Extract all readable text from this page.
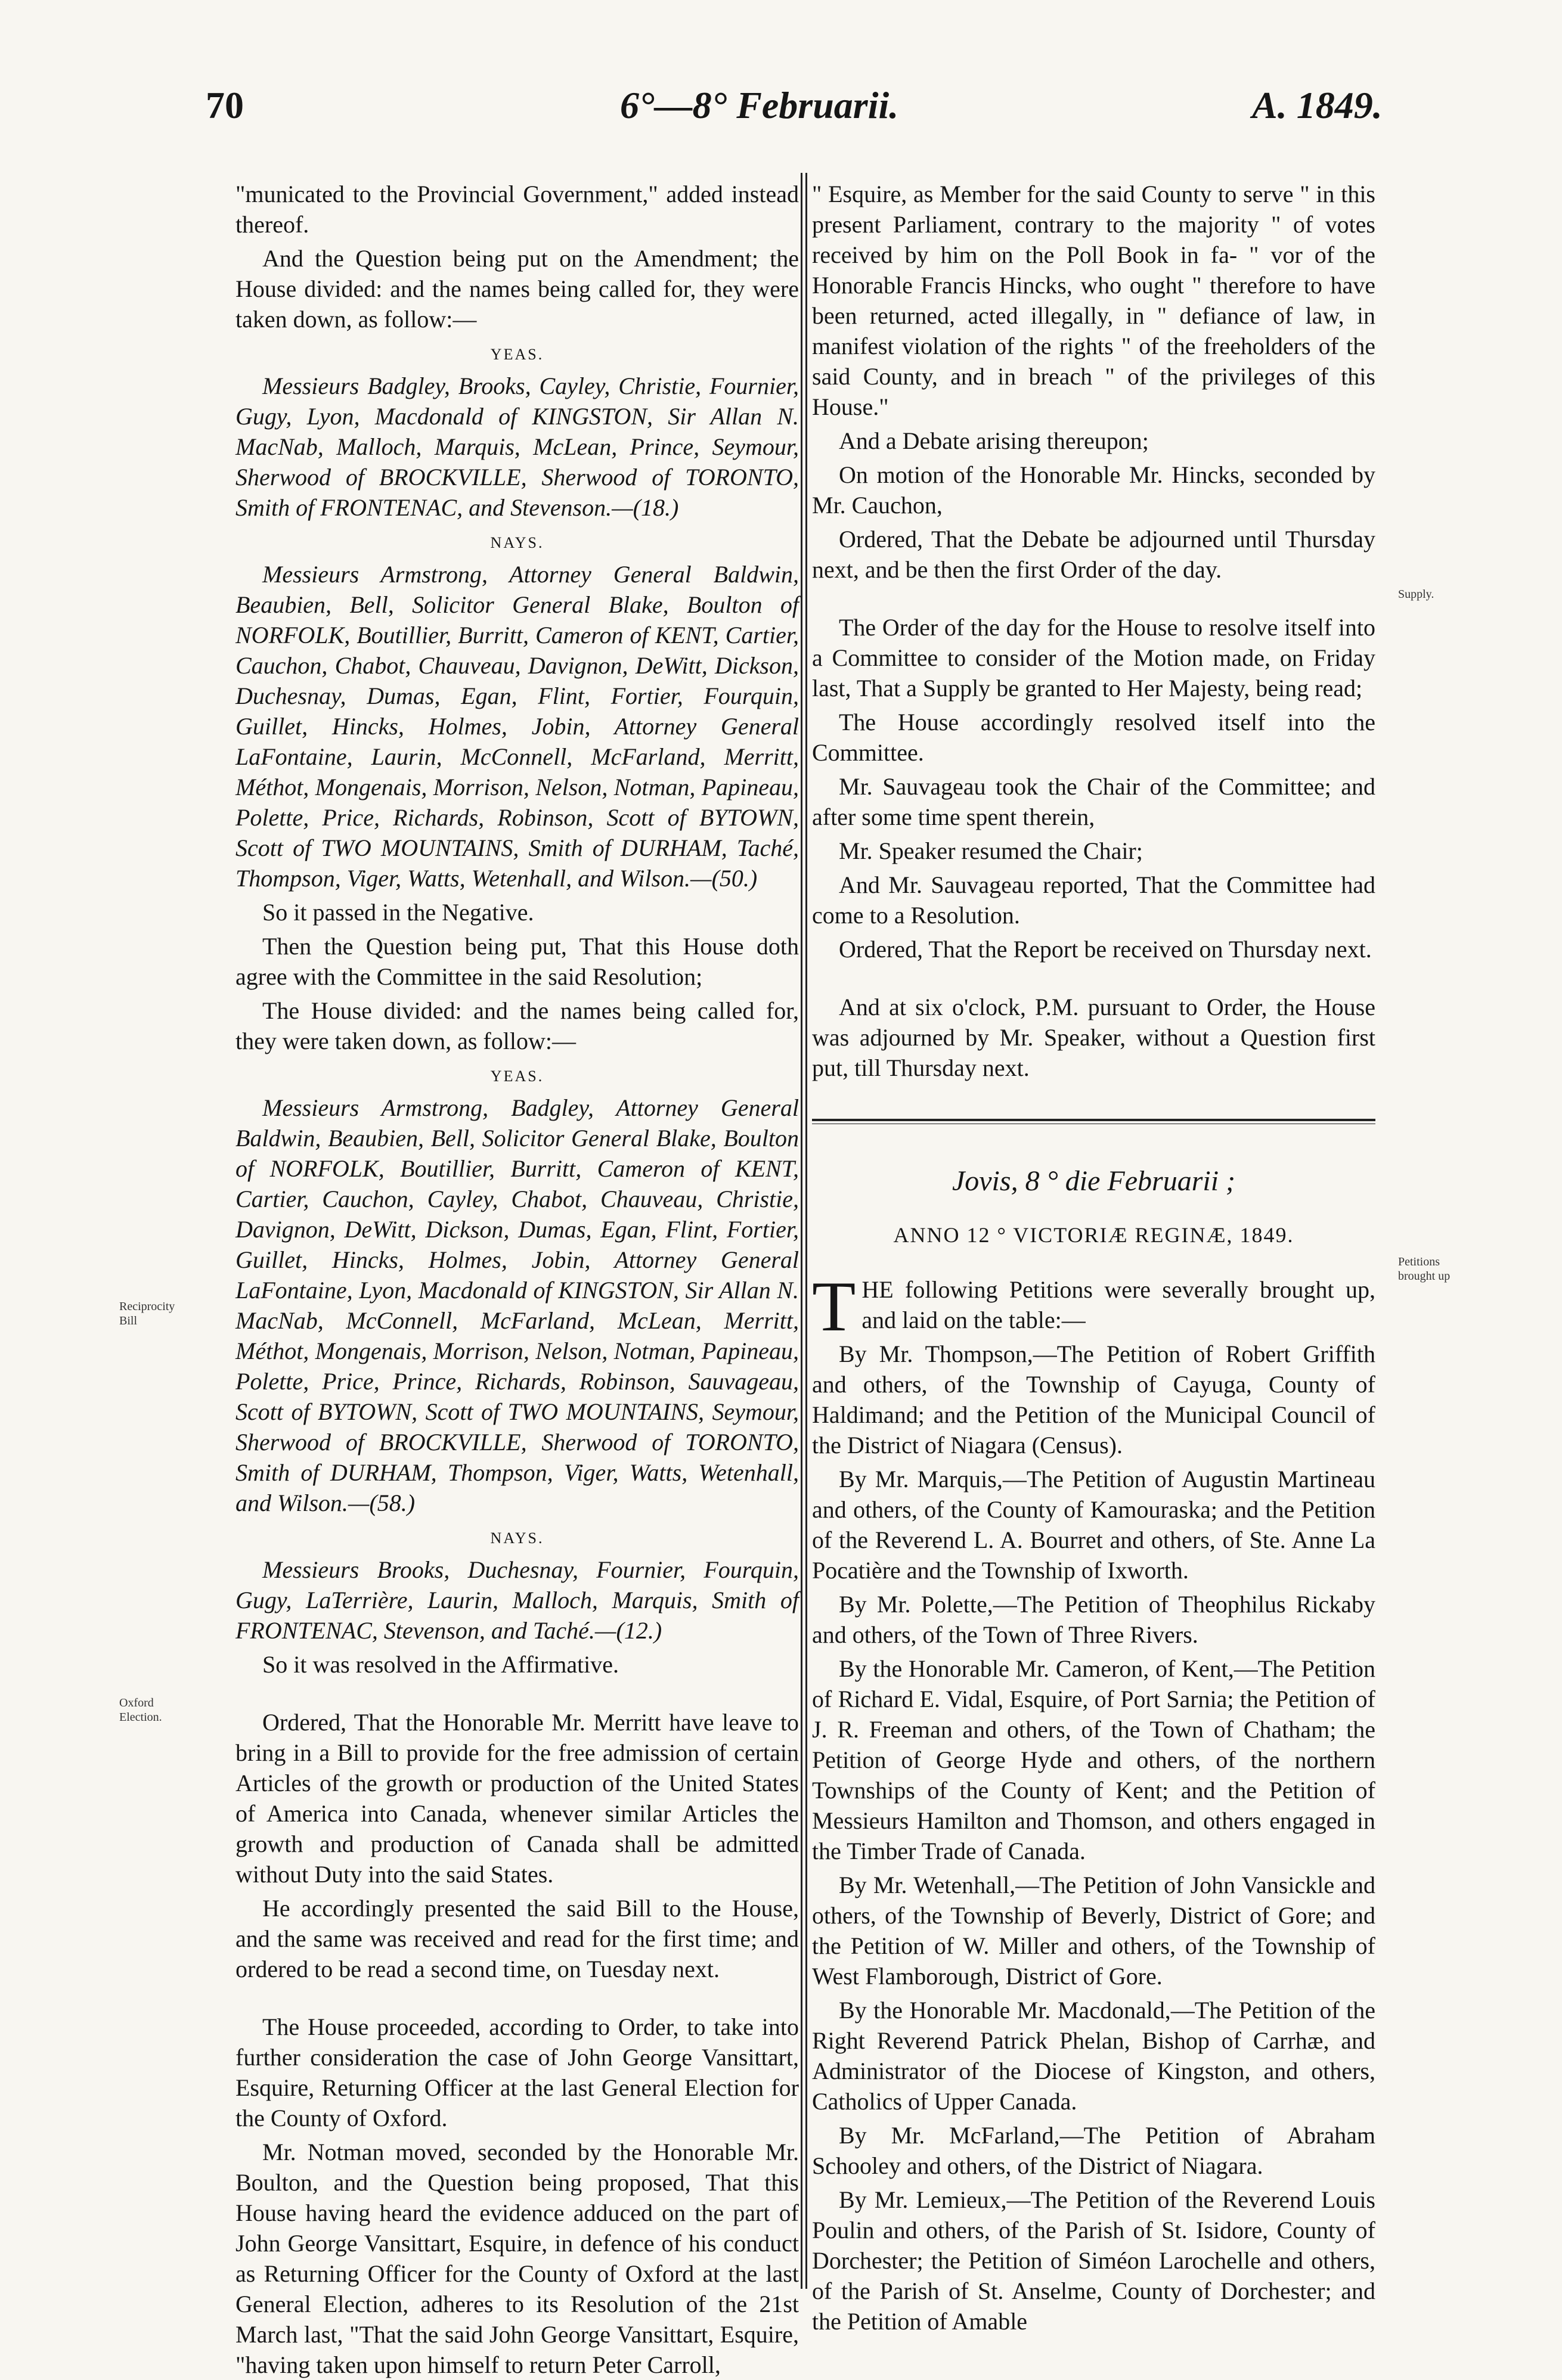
70	6°—8° Februarii.	A. 1849.
Reciprocity Bill
Oxford Election.
Supply.
Petitions brought up

"municated to the Provincial Government," added instead thereof.

And the Question being put on the Amendment; the House divided: and the names being called for, they were taken down, as follow:—

YEAS.

Messieurs Badgley, Brooks, Cayley, Christie, Fournier, Gugy, Lyon, Macdonald of KINGSTON, Sir Allan N. MacNab, Malloch, Marquis, McLean, Prince, Seymour, Sherwood of BROCKVILLE, Sherwood of TORONTO, Smith of FRONTENAC, and Stevenson.—(18.)

NAYS.

Messieurs Armstrong, Attorney General Baldwin, Beaubien, Bell, Solicitor General Blake, Boulton of NORFOLK, Boutillier, Burritt, Cameron of KENT, Cartier, Cauchon, Chabot, Chauveau, Davignon, DeWitt, Dickson, Duchesnay, Dumas, Egan, Flint, Fortier, Fourquin, Guillet, Hincks, Holmes, Jobin, Attorney General LaFontaine, Laurin, McConnell, McFarland, Merritt, Méthot, Mongenais, Morrison, Nelson, Notman, Papineau, Polette, Price, Richards, Robinson, Scott of BYTOWN, Scott of TWO MOUNTAINS, Smith of DURHAM, Taché, Thompson, Viger, Watts, Wetenhall, and Wilson.—(50.)

So it passed in the Negative.

Then the Question being put, That this House doth agree with the Committee in the said Resolution;

The House divided: and the names being called for, they were taken down, as follow:—

YEAS.

Messieurs Armstrong, Badgley, Attorney General Baldwin, Beaubien, Bell, Solicitor General Blake, Boulton of NORFOLK, Boutillier, Burritt, Cameron of KENT, Cartier, Cauchon, Cayley, Chabot, Chauveau, Christie, Davignon, DeWitt, Dickson, Dumas, Egan, Flint, Fortier, Guillet, Hincks, Holmes, Jobin, Attorney General LaFontaine, Lyon, Macdonald of KINGSTON, Sir Allan N. MacNab, McConnell, McFarland, McLean, Merritt, Méthot, Mongenais, Morrison, Nelson, Notman, Papineau, Polette, Price, Prince, Richards, Robinson, Sauvageau, Scott of BYTOWN, Scott of TWO MOUNTAINS, Seymour, Sherwood of BROCKVILLE, Sherwood of TORONTO, Smith of DURHAM, Thompson, Viger, Watts, Wetenhall, and Wilson.—(58.)

NAYS.

Messieurs Brooks, Duchesnay, Fournier, Fourquin, Gugy, LaTerrière, Laurin, Malloch, Marquis, Smith of FRONTENAC, Stevenson, and Taché.—(12.)

So it was resolved in the Affirmative.

Ordered, That the Honorable Mr. Merritt have leave to bring in a Bill to provide for the free admission of certain Articles of the growth or production of the United States of America into Canada, whenever similar Articles the growth and production of Canada shall be admitted without Duty into the said States.

He accordingly presented the said Bill to the House, and the same was received and read for the first time; and ordered to be read a second time, on Tuesday next.

The House proceeded, according to Order, to take into further consideration the case of John George Vansittart, Esquire, Returning Officer at the last General Election for the County of Oxford.

Mr. Notman moved, seconded by the Honorable Mr. Boulton, and the Question being proposed, That this House having heard the evidence adduced on the part of John George Vansittart, Esquire, in defence of his conduct as Returning Officer for the County of Oxford at the last General Election, adheres to its Resolution of the 21st March last, "That the said John George Vansittart, Esquire, "having taken upon himself to return Peter Carroll,

" Esquire, as Member for the said County to serve " in this present Parliament, contrary to the majority " of votes received by him on the Poll Book in fa- " vor of the Honorable Francis Hincks, who ought " therefore to have been returned, acted illegally, in " defiance of law, in manifest violation of the rights " of the freeholders of the said County, and in breach " of the privileges of this House."

And a Debate arising thereupon;

On motion of the Honorable Mr. Hincks, seconded by Mr. Cauchon,

Ordered, That the Debate be adjourned until Thursday next, and be then the first Order of the day.

The Order of the day for the House to resolve itself into a Committee to consider of the Motion made, on Friday last, That a Supply be granted to Her Majesty, being read;

The House accordingly resolved itself into the Committee.

Mr. Sauvageau took the Chair of the Committee; and after some time spent therein,

Mr. Speaker resumed the Chair;

And Mr. Sauvageau reported, That the Committee had come to a Resolution.

Ordered, That the Report be received on Thursday next.

And at six o'clock, P.M. pursuant to Order, the House was adjourned by Mr. Speaker, without a Question first put, till Thursday next.

Jovis, 8 ° die Februarii ;
ANNO 12 ° VICTORIÆ REGINÆ, 1849.

THE following Petitions were severally brought up, and laid on the table:—

By Mr. Thompson,—The Petition of Robert Griffith and others, of the Township of Cayuga, County of Haldimand; and the Petition of the Municipal Council of the District of Niagara (Census).

By Mr. Marquis,—The Petition of Augustin Martineau and others, of the County of Kamouraska; and the Petition of the Reverend L. A. Bourret and others, of Ste. Anne La Pocatière and the Township of Ixworth.

By Mr. Polette,—The Petition of Theophilus Rickaby and others, of the Town of Three Rivers.

By the Honorable Mr. Cameron, of Kent,—The Petition of Richard E. Vidal, Esquire, of Port Sarnia; the Petition of J. R. Freeman and others, of the Town of Chatham; the Petition of George Hyde and others, of the northern Townships of the County of Kent; and the Petition of Messieurs Hamilton and Thomson, and others engaged in the Timber Trade of Canada.

By Mr. Wetenhall,—The Petition of John Vansickle and others, of the Township of Beverly, District of Gore; and the Petition of W. Miller and others, of the Township of West Flamborough, District of Gore.

By the Honorable Mr. Macdonald,—The Petition of the Right Reverend Patrick Phelan, Bishop of Carrhæ, and Administrator of the Diocese of Kingston, and others, Catholics of Upper Canada.

By Mr. McFarland,—The Petition of Abraham Schooley and others, of the District of Niagara.

By Mr. Lemieux,—The Petition of the Reverend Louis Poulin and others, of the Parish of St. Isidore, County of Dorchester; the Petition of Siméon Larochelle and others, of the Parish of St. Anselme, County of Dorchester; and the Petition of Amable
